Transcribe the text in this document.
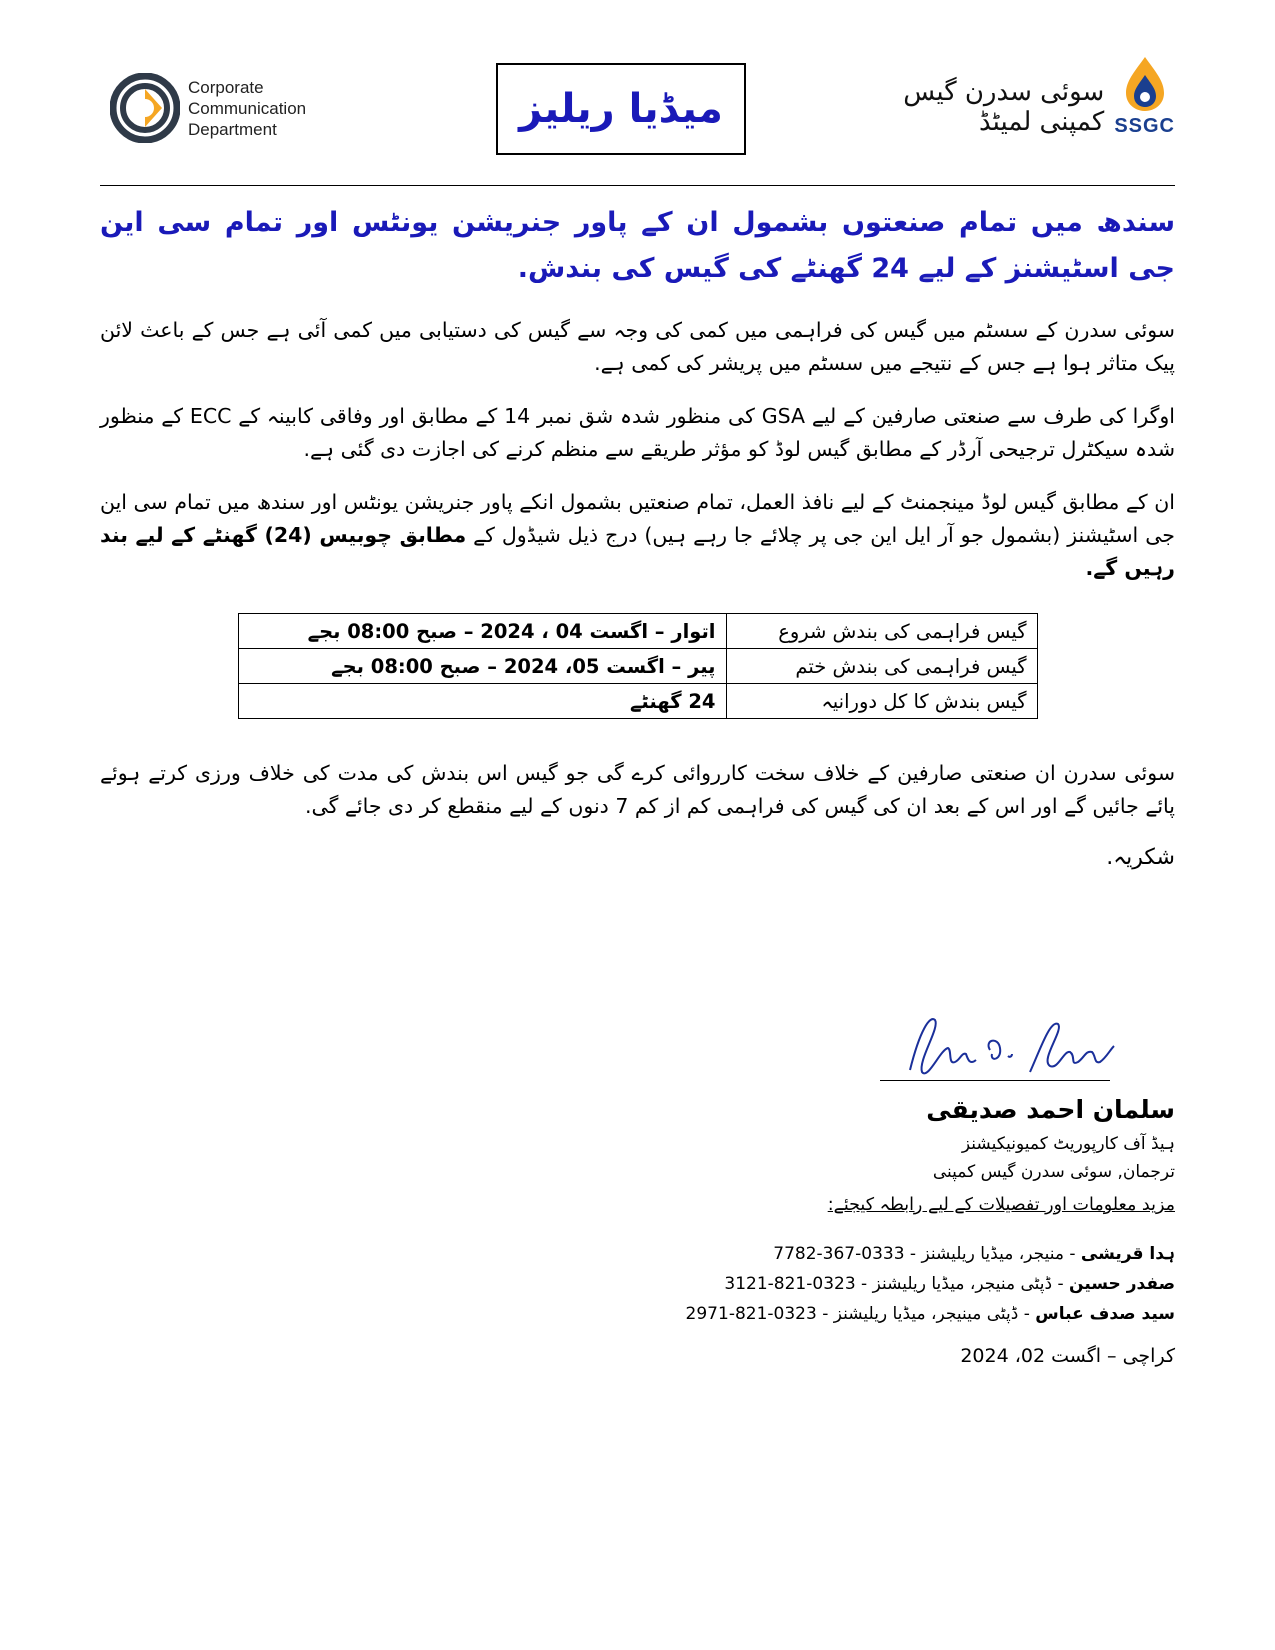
Corporate
Communication
Department	میڈیا ریلیز	سوئی سدرن گیس
کمپنی لمیٹڈ SSGC
سندھ میں تمام صنعتوں بشمول ان کے پاور جنریشن یونٹس اور تمام سی این جی اسٹیشنز کے لیے 24 گھنٹے کی گیس کی بندش.

سوئی سدرن کے سسٹم میں گیس کی فراہمی میں کمی کی وجہ سے گیس کی دستیابی میں کمی آئی ہے جس کے باعث لائن پیک متاثر ہوا ہے جس کے نتیجے میں سسٹم میں پریشر کی کمی ہے.

اوگرا کی طرف سے صنعتی صارفین کے لیے GSA کی منظور شدہ شق نمبر 14 کے مطابق اور وفاقی کابینہ کے ECC کے منظور شدہ سیکٹرل ترجیحی آرڈر کے مطابق گیس لوڈ کو مؤثر طریقے سے منظم کرنے کی اجازت دی گئی ہے.

ان کے مطابق گیس لوڈ مینجمنٹ کے لیے نافذ العمل، تمام صنعتیں بشمول انکے پاور جنریشن یونٹس اور سندھ میں تمام سی این جی اسٹیشنز (بشمول جو آر ایل این جی پر چلائے جا رہے ہیں) درج ذیل شیڈول کے مطابق چوبیس (24) گھنٹے کے لیے بند رہیں گے.

گیس فراہمی کی بندش شروع	اتوار – اگست 04 ، 2024 – صبح 08:00 بجے
گیس فراہمی کی بندش ختم	پیر – اگست 05، 2024 – صبح 08:00 بجے
گیس بندش کا کل دورانیہ	24 گھنٹے

سوئی سدرن ان صنعتی صارفین کے خلاف سخت کارروائی کرے گی جو گیس اس بندش کی مدت کی خلاف ورزی کرتے ہوئے پائے جائیں گے اور اس کے بعد ان کی گیس کی فراہمی کم از کم 7 دنوں کے لیے منقطع کر دی جائے گی.

شکریہ.
سلمان احمد صدیقی
ہیڈ آف کارپوریٹ کمیونیکیشنز
ترجمان, سوئی سدرن گیس کمپنی
مزید معلومات اور تفصیلات کے لیے رابطہ کیجئے:
ہدا قریشی - منیجر، میڈیا ریلیشنز - 0333-367-7782
صفدر حسین - ڈپٹی منیجر، میڈیا ریلیشنز - 0323-821-3121
سید صدف عباس - ڈپٹی مینیجر، میڈیا ریلیشنز - 0323-821-2971
کراچی – اگست 02، 2024
